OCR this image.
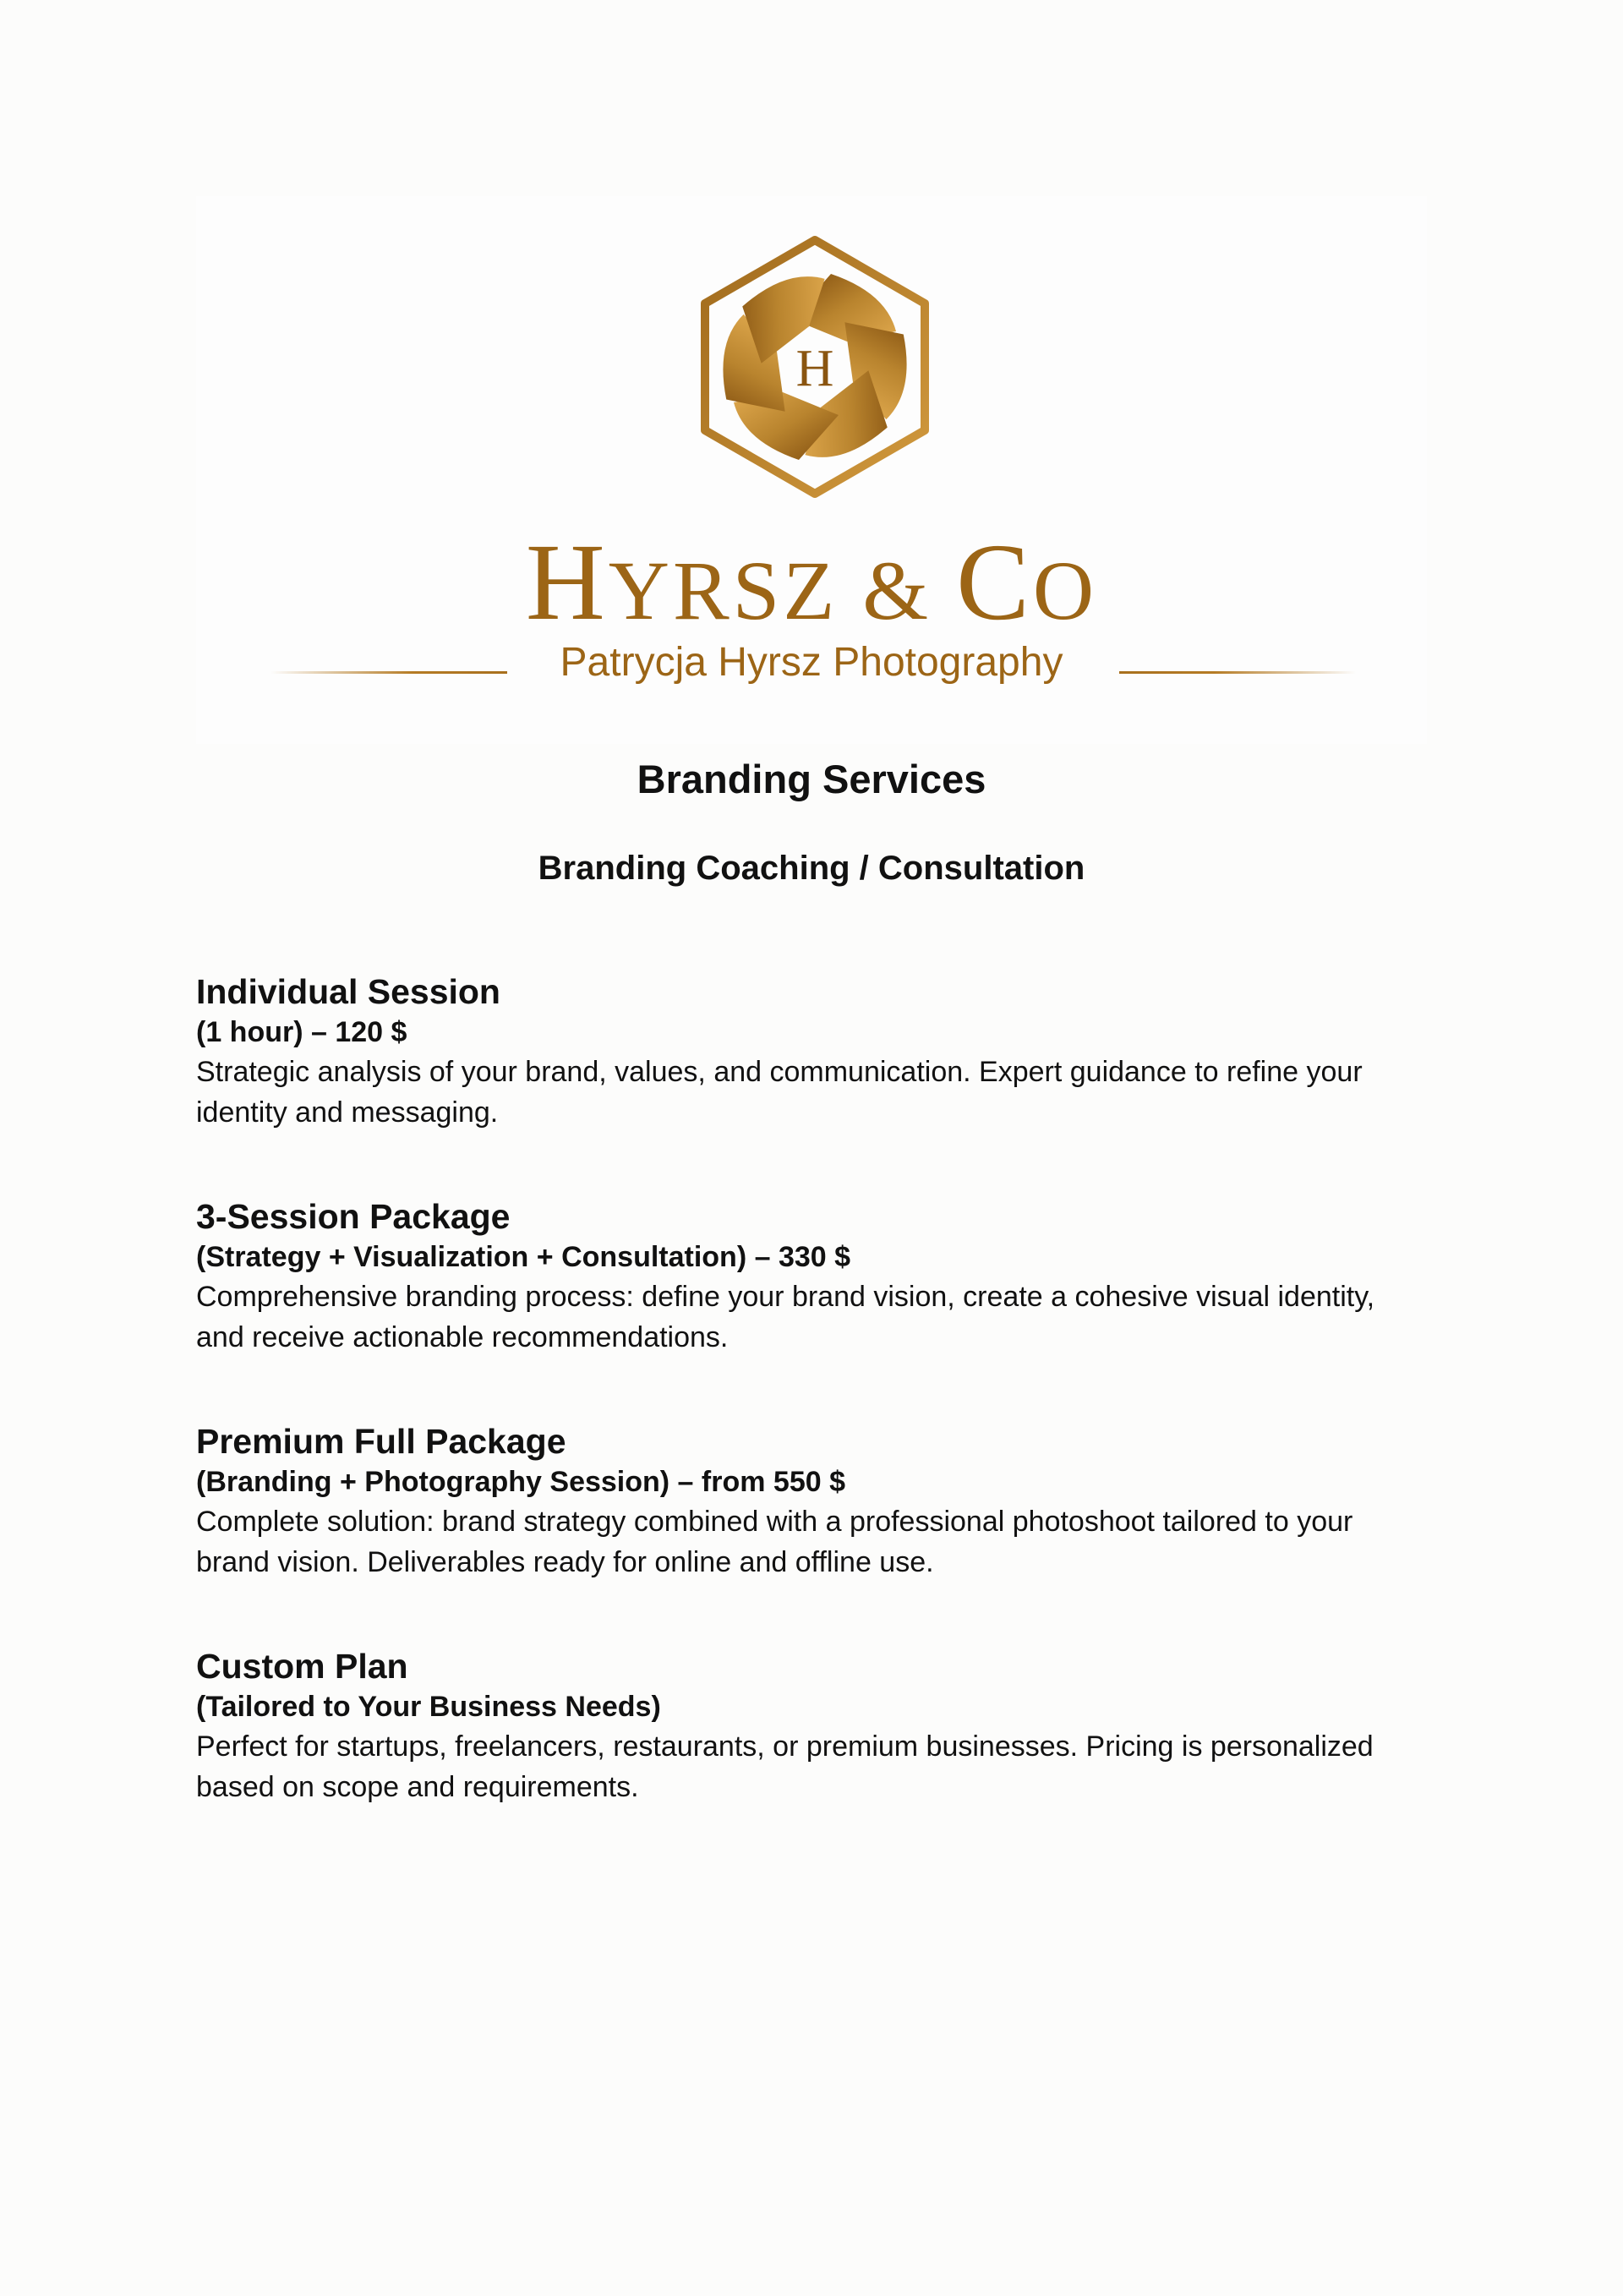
H
HYRSZ & CO
Patrycja Hyrsz Photography
Branding Services
Branding Coaching / Consultation

Individual Session

(1 hour) – 120 $

Strategic analysis of your brand, values, and communication. Expert guidance to refine your identity and messaging.

3-Session Package

(Strategy + Visualization + Consultation) – 330 $

Comprehensive branding process: define your brand vision, create a cohesive visual identity, and receive actionable recommendations.

Premium Full Package

(Branding + Photography Session) – from 550 $

Complete solution: brand strategy combined with a professional photoshoot tailored to your brand vision. Deliverables ready for online and offline use.

Custom Plan

(Tailored to Your Business Needs)

Perfect for startups, freelancers, restaurants, or premium businesses. Pricing is personalized based on scope and requirements.
